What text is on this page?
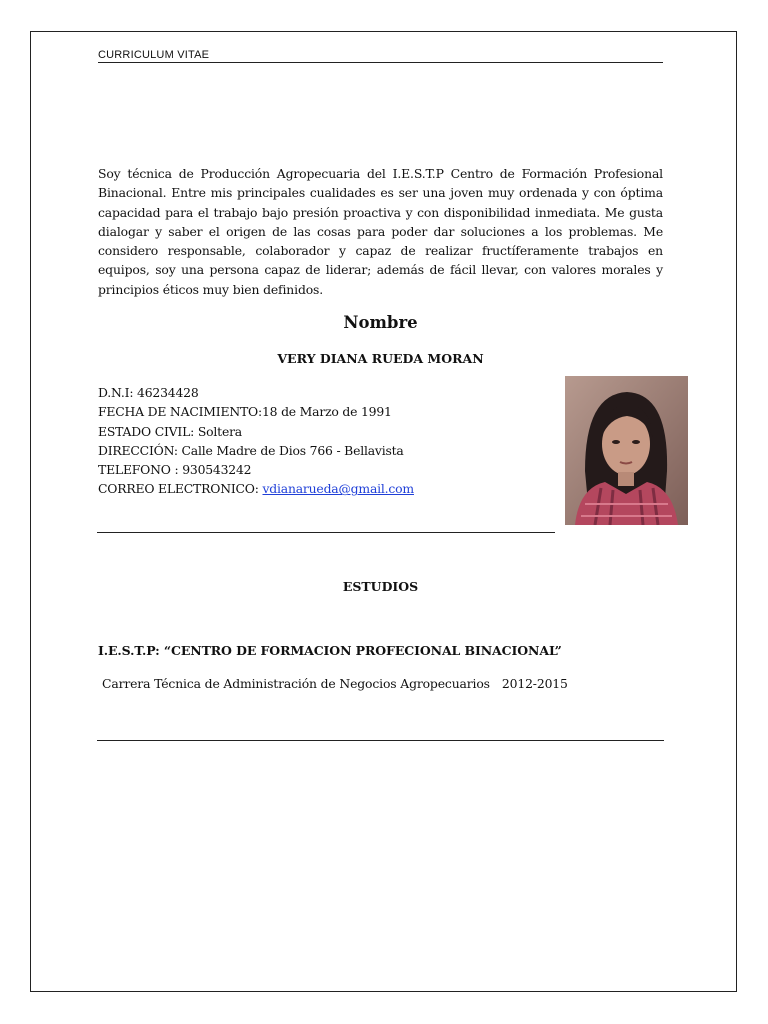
CURRICULUM VITAE
Soy técnica de Producción Agropecuaria del I.E.S.T.P Centro de Formación Profesional Binacional. Entre mis principales cualidades es ser una joven muy ordenada y con óptima capacidad para el trabajo bajo presión proactiva y con disponibilidad inmediata. Me gusta dialogar y saber el origen de las cosas para poder dar soluciones a los problemas. Me considero responsable, colaborador y capaz de realizar fructíferamente trabajos en equipos, soy una persona capaz de liderar; además de fácil llevar, con valores morales y principios éticos muy bien definidos.
Nombre
VERY DIANA RUEDA MORAN
D.N.I: 46234428
FECHA DE NACIMIENTO:18 de Marzo de 1991
ESTADO CIVIL: Soltera
DIRECCIÓN: Calle Madre de Dios 766 - Bellavista
TELEFONO : 930543242
CORREO ELECTRONICO: vdianarueda@gmail.com
ESTUDIOS
I.E.S.T.P: “CENTRO DE FORMACION PROFECIONAL BINACIONAL”
Carrera Técnica de Administración de Negocios Agropecuarios 2012-2015
